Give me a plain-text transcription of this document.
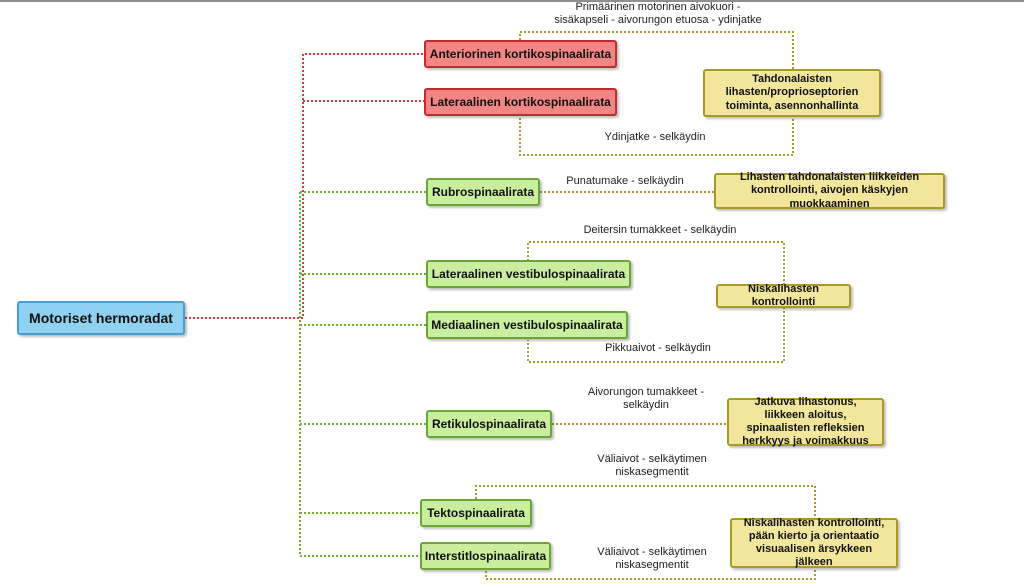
Motoriset hermoradat
Anteriorinen kortikospinaalirata
Lateraalinen kortikospinaalirata
Rubrospinaalirata
Lateraalinen vestibulospinaalirata
Mediaalinen vestibulospinaalirata
Retikulospinaalirata
Tektospinaalirata
Interstitlospinaalirata
Tahdonalaisten lihasten/proprioseptorien toiminta, asennonhallinta
Lihasten tahdonalaisten liikkeiden kontrollointi, aivojen käskyjen muokkaaminen
Niskalihasten kontrollointi
Jatkuva lihastonus, liikkeen aloitus, spinaalisten refleksien herkkyys ja voimakkuus
Niskalihasten kontrollointi, pään kierto ja orientaatio visuaalisen ärsykkeen jälkeen
Primäärinen motorinen aivokuori - sisäkapseli - aivorungon etuosa - ydinjatke
Ydinjatke - selkäydin
Punatumake - selkäydin
Deitersin tumakkeet - selkäydin
Pikkuaivot - selkäydin
Aivorungon tumakkeet - selkäydin
Väliaivot - selkäytimen niskasegmentit
Väliaivot - selkäytimen niskasegmentit
